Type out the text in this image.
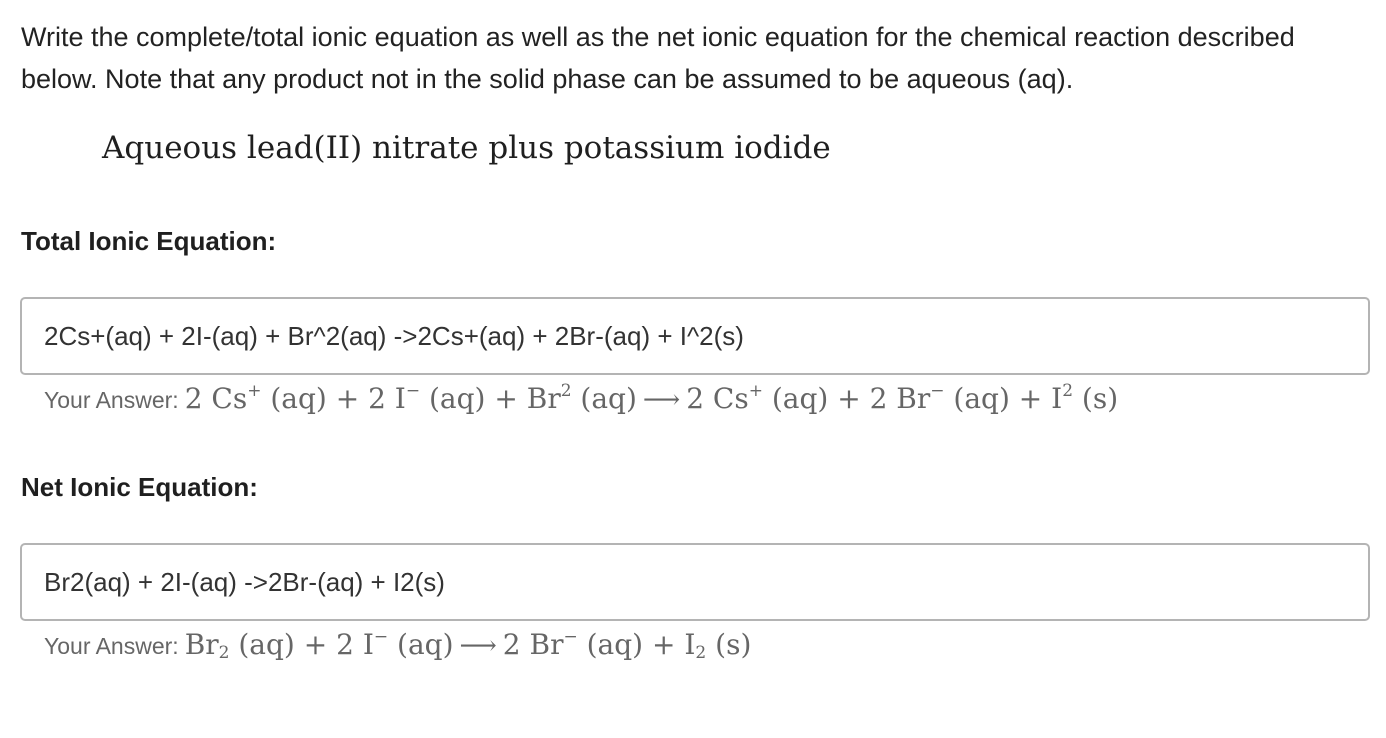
Write the complete/total ionic equation as well as the net ionic equation for the chemical reaction described below. Note that any product not in the solid phase can be assumed to be aqueous (aq).
Aqueous lead(II) nitrate plus potassium iodide
Total Ionic Equation:
2Cs+(aq) + 2I-(aq) + Br^2(aq) ->2Cs+(aq) + 2Br-(aq) + I^2(s)
Your Answer: 2 Cs+ (aq) + 2 I− $(aq) + Br^2$ (aq) ⟶ 2 Cs+ (aq) + 2 Br− $(aq) + I^2$ (s)
Net Ionic Equation:
Br2(aq) + 2I-(aq) ->2Br-(aq) + I2(s)
Your Answer: $Br_2$ (aq) + 2 I− (aq) ⟶ 2 Br− $(aq) + I_2$ (s)
